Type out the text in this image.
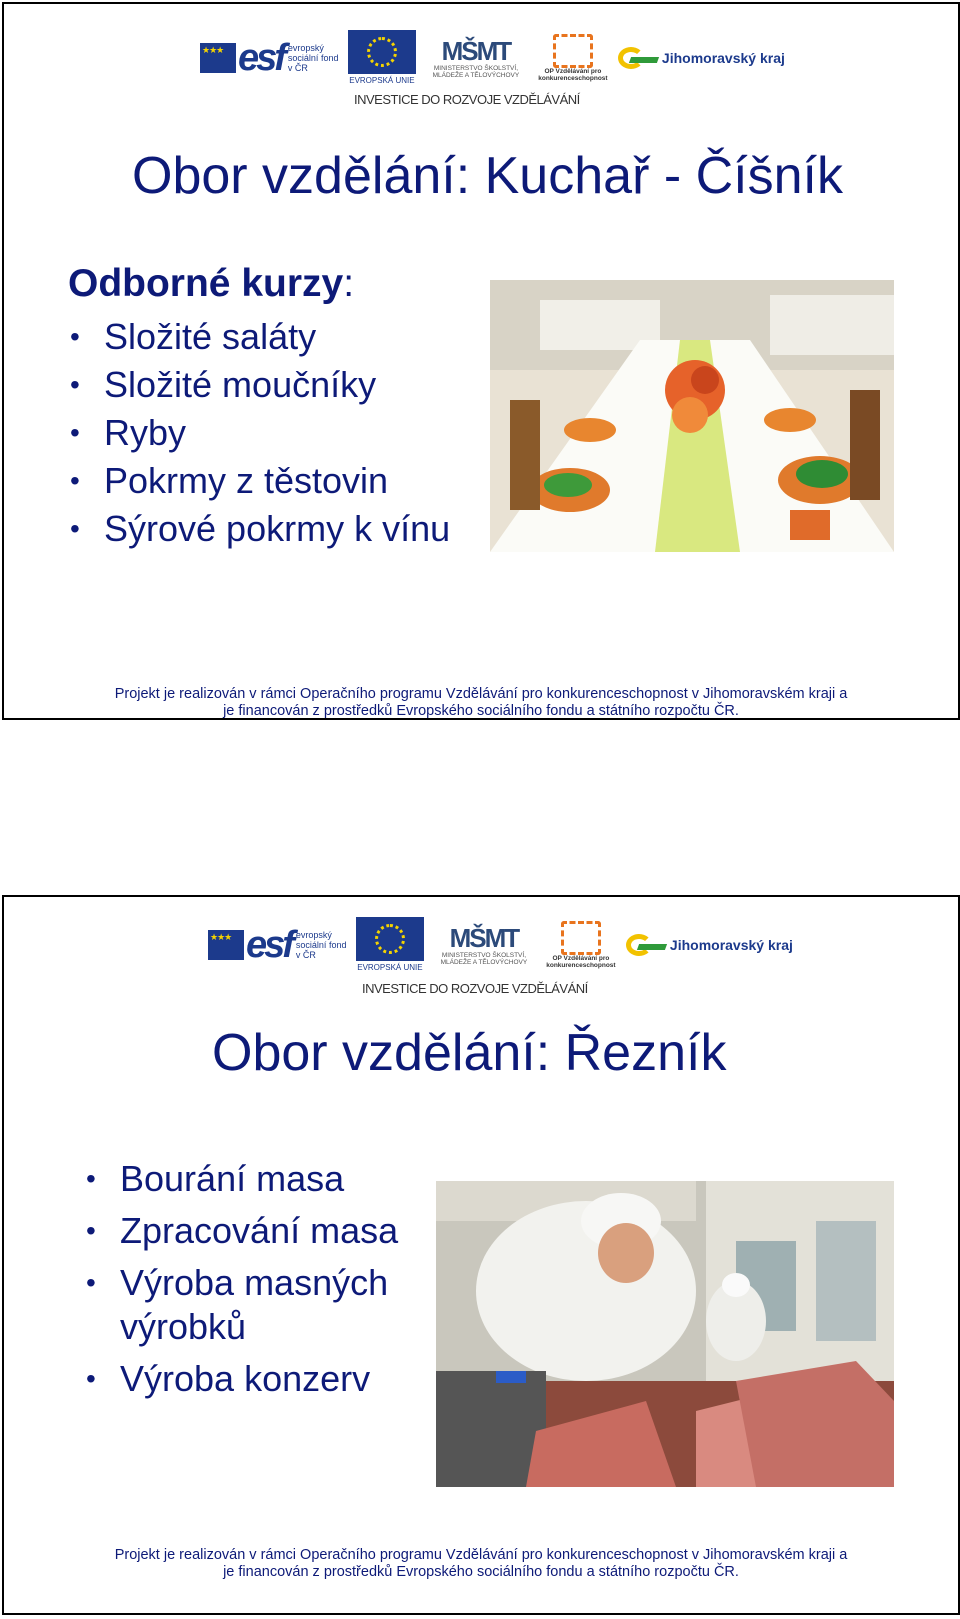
★★★
esf evropský sociální fond v ČR
EVROPSKÁ UNIE
MŠMT
MINISTERSTVO ŠKOLSTVÍ, MLÁDEŽE A TĚLOVÝCHOVY
OP Vzdělávání pro konkurenceschopnost
Jihomoravský kraj
INVESTICE DO ROZVOJE VZDĚLÁVÁNÍ
Obor vzdělání: Kuchař - Číšník
Odborné kurzy:
• Složité saláty
• Složité moučníky
• Ryby
• Pokrmy z těstovin
• Sýrové pokrmy k vínu
Projekt je realizován v rámci Operačního programu Vzdělávání pro konkurenceschopnost v Jihomoravském kraji a
je financován z prostředků Evropského sociálního fondu a státního rozpočtu ČR.
★★★
esf evropský sociální fond v ČR
EVROPSKÁ UNIE
MŠMT
MINISTERSTVO ŠKOLSTVÍ, MLÁDEŽE A TĚLOVÝCHOVY
OP Vzdělávání pro konkurenceschopnost
Jihomoravský kraj
INVESTICE DO ROZVOJE VZDĚLÁVÁNÍ
Obor vzdělání: Řezník
• Bourání masa
• Zpracování masa
• Výroba masných výrobků
• Výroba konzerv
Projekt je realizován v rámci Operačního programu Vzdělávání pro konkurenceschopnost v Jihomoravském kraji a
je financován z prostředků Evropského sociálního fondu a státního rozpočtu ČR.
